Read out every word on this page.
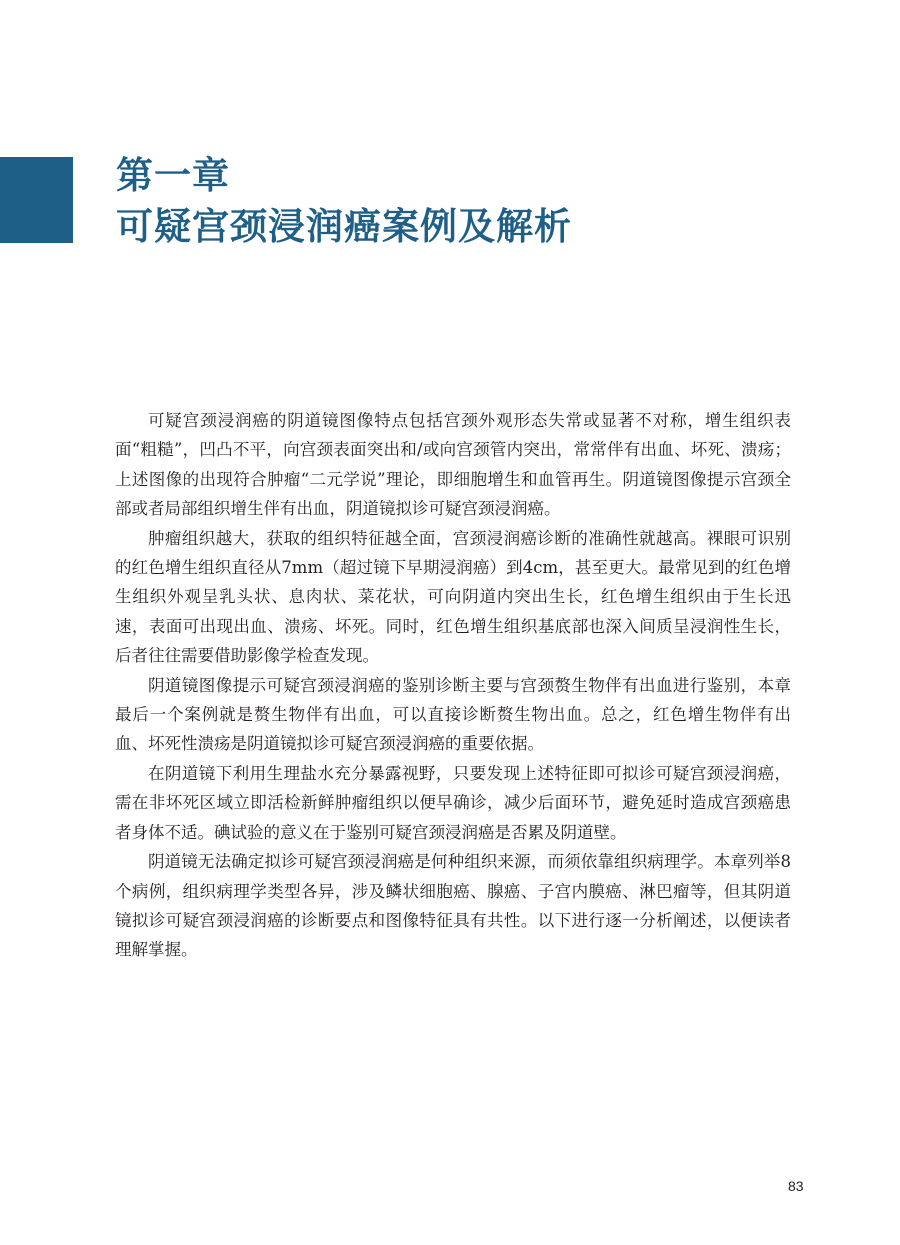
第一章
可疑宫颈浸润癌案例及解析

可疑宫颈浸润癌的阴道镜图像特点包括宫颈外观形态失常或显著不对称，增生组织表面“粗糙”，凹凸不平，向宫颈表面突出和/或向宫颈管内突出，常常伴有出血、坏死、溃疡；上述图像的出现符合肿瘤“二元学说”理论，即细胞增生和血管再生。阴道镜图像提示宫颈全部或者局部组织增生伴有出血，阴道镜拟诊可疑宫颈浸润癌。

肿瘤组织越大，获取的组织特征越全面，宫颈浸润癌诊断的准确性就越高。裸眼可识别的红色增生组织直径从7mm（超过镜下早期浸润癌）到4cm，甚至更大。最常见到的红色增生组织外观呈乳头状、息肉状、菜花状，可向阴道内突出生长，红色增生组织由于生长迅速，表面可出现出血、溃疡、坏死。同时，红色增生组织基底部也深入间质呈浸润性生长，后者往往需要借助影像学检查发现。

阴道镜图像提示可疑宫颈浸润癌的鉴别诊断主要与宫颈赘生物伴有出血进行鉴别，本章最后一个案例就是赘生物伴有出血，可以直接诊断赘生物出血。总之，红色增生物伴有出血、坏死性溃疡是阴道镜拟诊可疑宫颈浸润癌的重要依据。

在阴道镜下利用生理盐水充分暴露视野，只要发现上述特征即可拟诊可疑宫颈浸润癌，需在非坏死区域立即活检新鲜肿瘤组织以便早确诊，减少后面环节，避免延时造成宫颈癌患者身体不适。碘试验的意义在于鉴别可疑宫颈浸润癌是否累及阴道壁。

阴道镜无法确定拟诊可疑宫颈浸润癌是何种组织来源，而须依靠组织病理学。本章列举8个病例，组织病理学类型各异，涉及鳞状细胞癌、腺癌、子宫内膜癌、淋巴瘤等，但其阴道镜拟诊可疑宫颈浸润癌的诊断要点和图像特征具有共性。以下进行逐一分析阐述，以便读者理解掌握。

83
